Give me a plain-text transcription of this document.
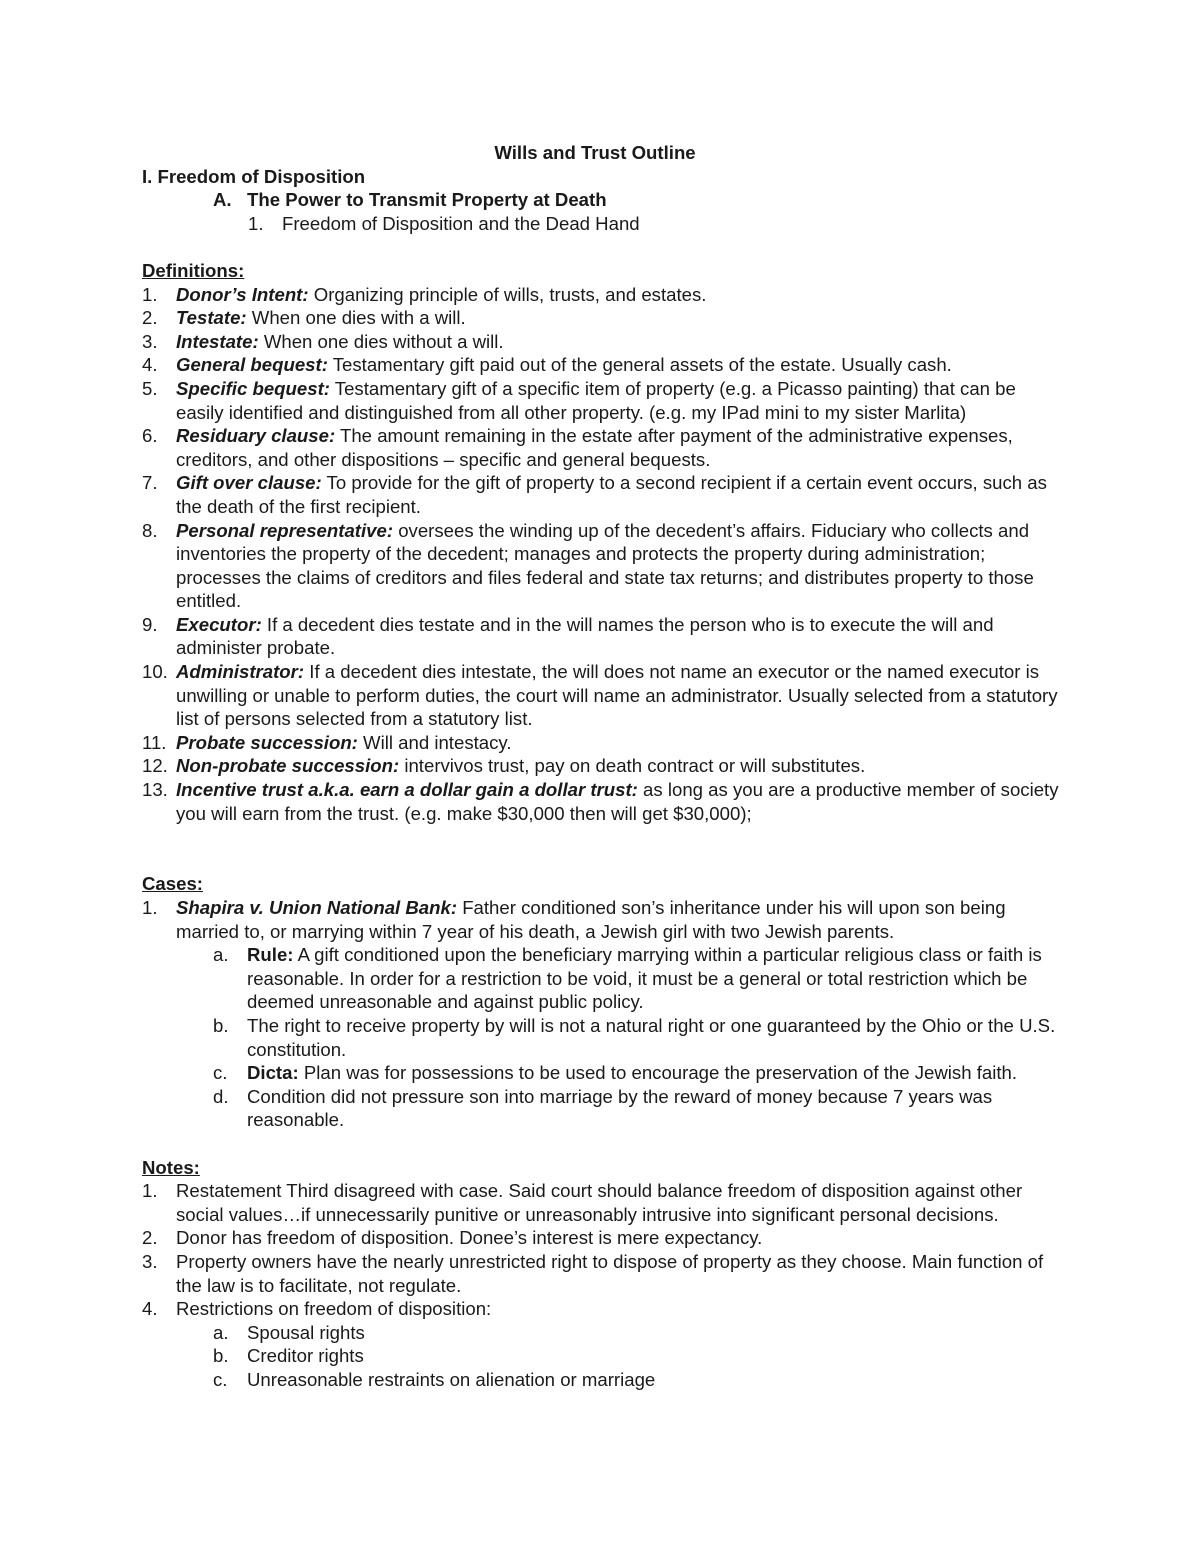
Wills and Trust Outline
I. Freedom of Disposition
A. The Power to Transmit Property at Death
1. Freedom of Disposition and the Dead Hand
Definitions:
1. Donor’s Intent: Organizing principle of wills, trusts, and estates.
2. Testate: When one dies with a will.
3. Intestate: When one dies without a will.
4. General bequest: Testamentary gift paid out of the general assets of the estate. Usually cash.
5. Specific bequest: Testamentary gift of a specific item of property (e.g. a Picasso painting) that can be easily identified and distinguished from all other property. (e.g. my IPad mini to my sister Marlita)
6. Residuary clause: The amount remaining in the estate after payment of the administrative expenses, creditors, and other dispositions – specific and general bequests.
7. Gift over clause: To provide for the gift of property to a second recipient if a certain event occurs, such as the death of the first recipient.
8. Personal representative: oversees the winding up of the decedent’s affairs. Fiduciary who collects and inventories the property of the decedent; manages and protects the property during administration; processes the claims of creditors and files federal and state tax returns; and distributes property to those entitled.
9. Executor: If a decedent dies testate and in the will names the person who is to execute the will and administer probate.
10. Administrator: If a decedent dies intestate, the will does not name an executor or the named executor is unwilling or unable to perform duties, the court will name an administrator. Usually selected from a statutory list of persons selected from a statutory list.
11. Probate succession: Will and intestacy.
12. Non-probate succession: intervivos trust, pay on death contract or will substitutes.
13. Incentive trust a.k.a. earn a dollar gain a dollar trust: as long as you are a productive member of society you will earn from the trust. (e.g. make $30,000 then will get $30,000);
Cases:
1. Shapira v. Union National Bank: Father conditioned son’s inheritance under his will upon son being married to, or marrying within 7 year of his death, a Jewish girl with two Jewish parents.
a. Rule: A gift conditioned upon the beneficiary marrying within a particular religious class or faith is reasonable. In order for a restriction to be void, it must be a general or total restriction which be deemed unreasonable and against public policy.
b. The right to receive property by will is not a natural right or one guaranteed by the Ohio or the U.S. constitution.
c. Dicta: Plan was for possessions to be used to encourage the preservation of the Jewish faith.
d. Condition did not pressure son into marriage by the reward of money because 7 years was reasonable.
Notes:
1. Restatement Third disagreed with case. Said court should balance freedom of disposition against other social values…if unnecessarily punitive or unreasonably intrusive into significant personal decisions.
2. Donor has freedom of disposition. Donee’s interest is mere expectancy.
3. Property owners have the nearly unrestricted right to dispose of property as they choose. Main function of the law is to facilitate, not regulate.
4. Restrictions on freedom of disposition:
a. Spousal rights
b. Creditor rights
c. Unreasonable restraints on alienation or marriage
